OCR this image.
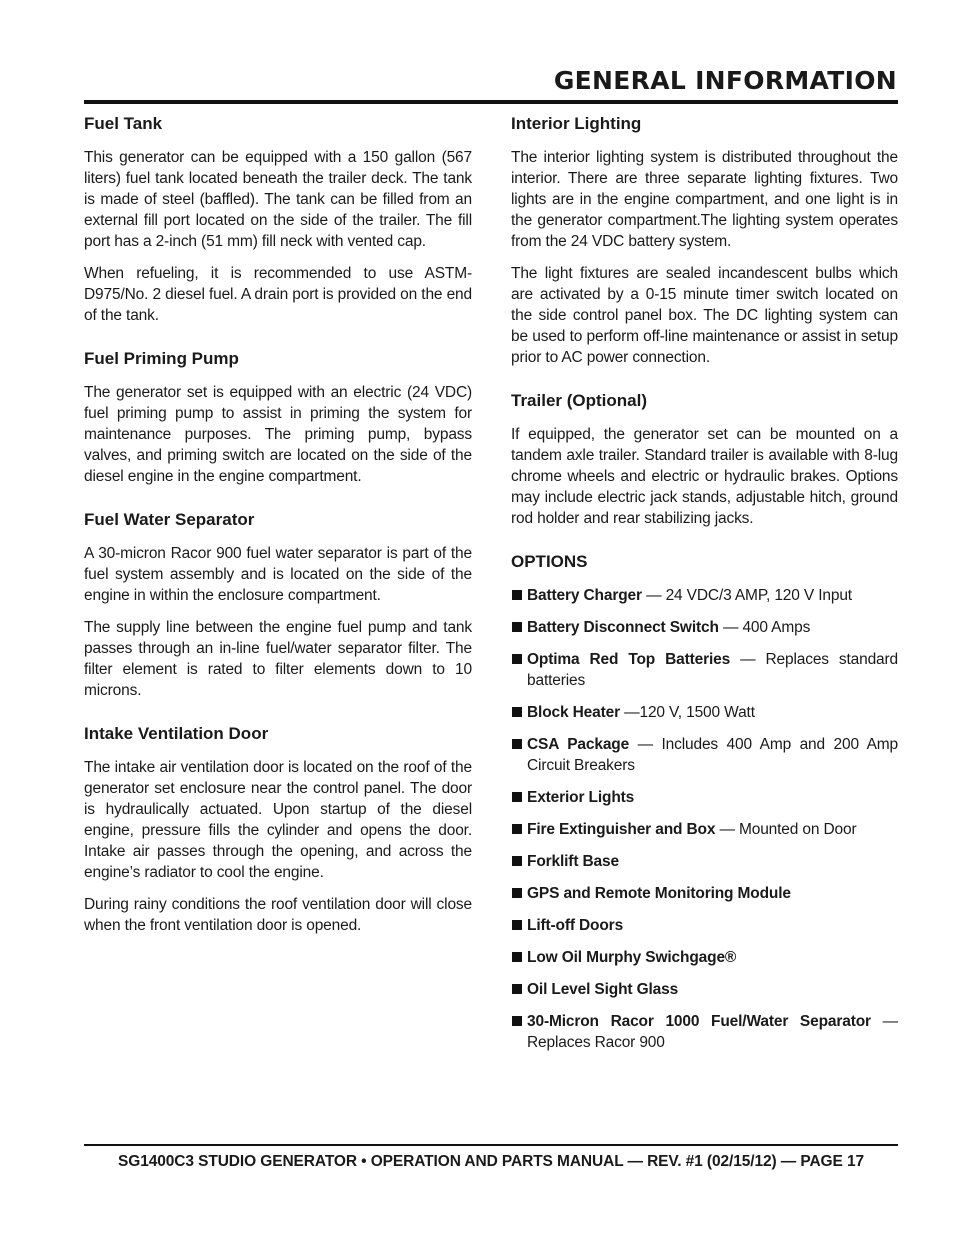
GENERAL INFORMATION
Fuel Tank

This generator can be equipped with a 150 gallon (567 liters) fuel tank located beneath the trailer deck. The tank is made of steel (baffled). The tank can be filled from an external fill port located on the side of the trailer. The fill port has a 2-inch (51 mm) fill neck with vented cap.

When refueling, it is recommended to use ASTM-D975/No. 2 diesel fuel. A drain port is provided on the end of the tank.

Fuel Priming Pump

The generator set is equipped with an electric (24 VDC) fuel priming pump to assist in priming the system for maintenance purposes. The priming pump, bypass valves, and priming switch are located on the side of the diesel engine in the engine compartment.

Fuel Water Separator

A 30-micron Racor 900 fuel water separator is part of the fuel system assembly and is located on the side of the engine in within the enclosure compartment.

The supply line between the engine fuel pump and tank passes through an in-line fuel/water separator filter. The filter element is rated to filter elements down to 10 microns.

Intake Ventilation Door

The intake air ventilation door is located on the roof of the generator set enclosure near the control panel. The door is hydraulically actuated. Upon startup of the diesel engine, pressure fills the cylinder and opens the door. Intake air passes through the opening, and across the engine’s radiator to cool the engine.

During rainy conditions the roof ventilation door will close when the front ventilation door is opened.

Interior Lighting

The interior lighting system is distributed throughout the interior. There are three separate lighting fixtures. Two lights are in the engine compartment, and one light is in the generator compartment.The lighting system operates from the 24 VDC battery system.

The light fixtures are sealed incandescent bulbs which are activated by a 0-15 minute timer switch located on the side control panel box. The DC lighting system can be used to perform off-line maintenance or assist in setup prior to AC power connection.

Trailer (Optional)

If equipped, the generator set can be mounted on a tandem axle trailer. Standard trailer is available with 8-lug chrome wheels and electric or hydraulic brakes. Options may include electric jack stands, adjustable hitch, ground rod holder and rear stabilizing jacks.

OPTIONS
Battery Charger — 24 VDC/3 AMP, 120 V Input
Battery Disconnect Switch — 400 Amps
Optima Red Top Batteries — Replaces standard batteries
Block Heater —120 V, 1500 Watt
CSA Package — Includes 400 Amp and 200 Amp Circuit Breakers
Exterior Lights
Fire Extinguisher and Box — Mounted on Door
Forklift Base
GPS and Remote Monitoring Module
Lift-off Doors
Low Oil Murphy Swichgage®
Oil Level Sight Glass
30-Micron Racor 1000 Fuel/Water Separator — Replaces Racor 900
SG1400C3 STUDIO GENERATOR • OPERATION AND PARTS MANUAL — REV. #1 (02/15/12) — PAGE 17
